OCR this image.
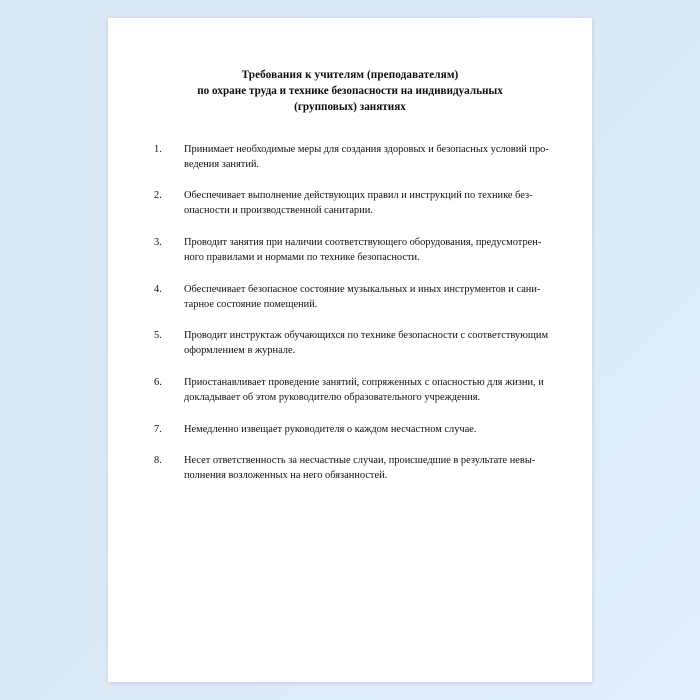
Требования к учителям (преподавателям)
по охране труда и технике безопасности на индивидуальных
(групповых) занятиях
1.	Принимает необходимые меры для создания здоровых и безопасных условий про-
ведения занятий.
2.	Обеспечивает выполнение действующих правил и инструкций по технике без-
опасности и производственной санитарии.
3.	Проводит занятия при наличии соответствующего оборудования, предусмотрен-
ного правилами и нормами по технике безопасности.
4.	Обеспечивает безопасное состояние музыкальных и иных инструментов и сани-
тарное состояние помещений.
5.	Проводит инструктаж обучающихся по технике безопасности с соответствующим
оформлением в журнале.
6.	Приостанавливает проведение занятий, сопряженных с опасностью для жизни, и
докладывает об этом руководителю образовательного учреждения.
7.	Немедленно извещает руководителя о каждом несчастном случае.
8.	Несет ответственность за несчастные случаи, происшедшие в результате невы-
полнения возложенных на него обязанностей.
